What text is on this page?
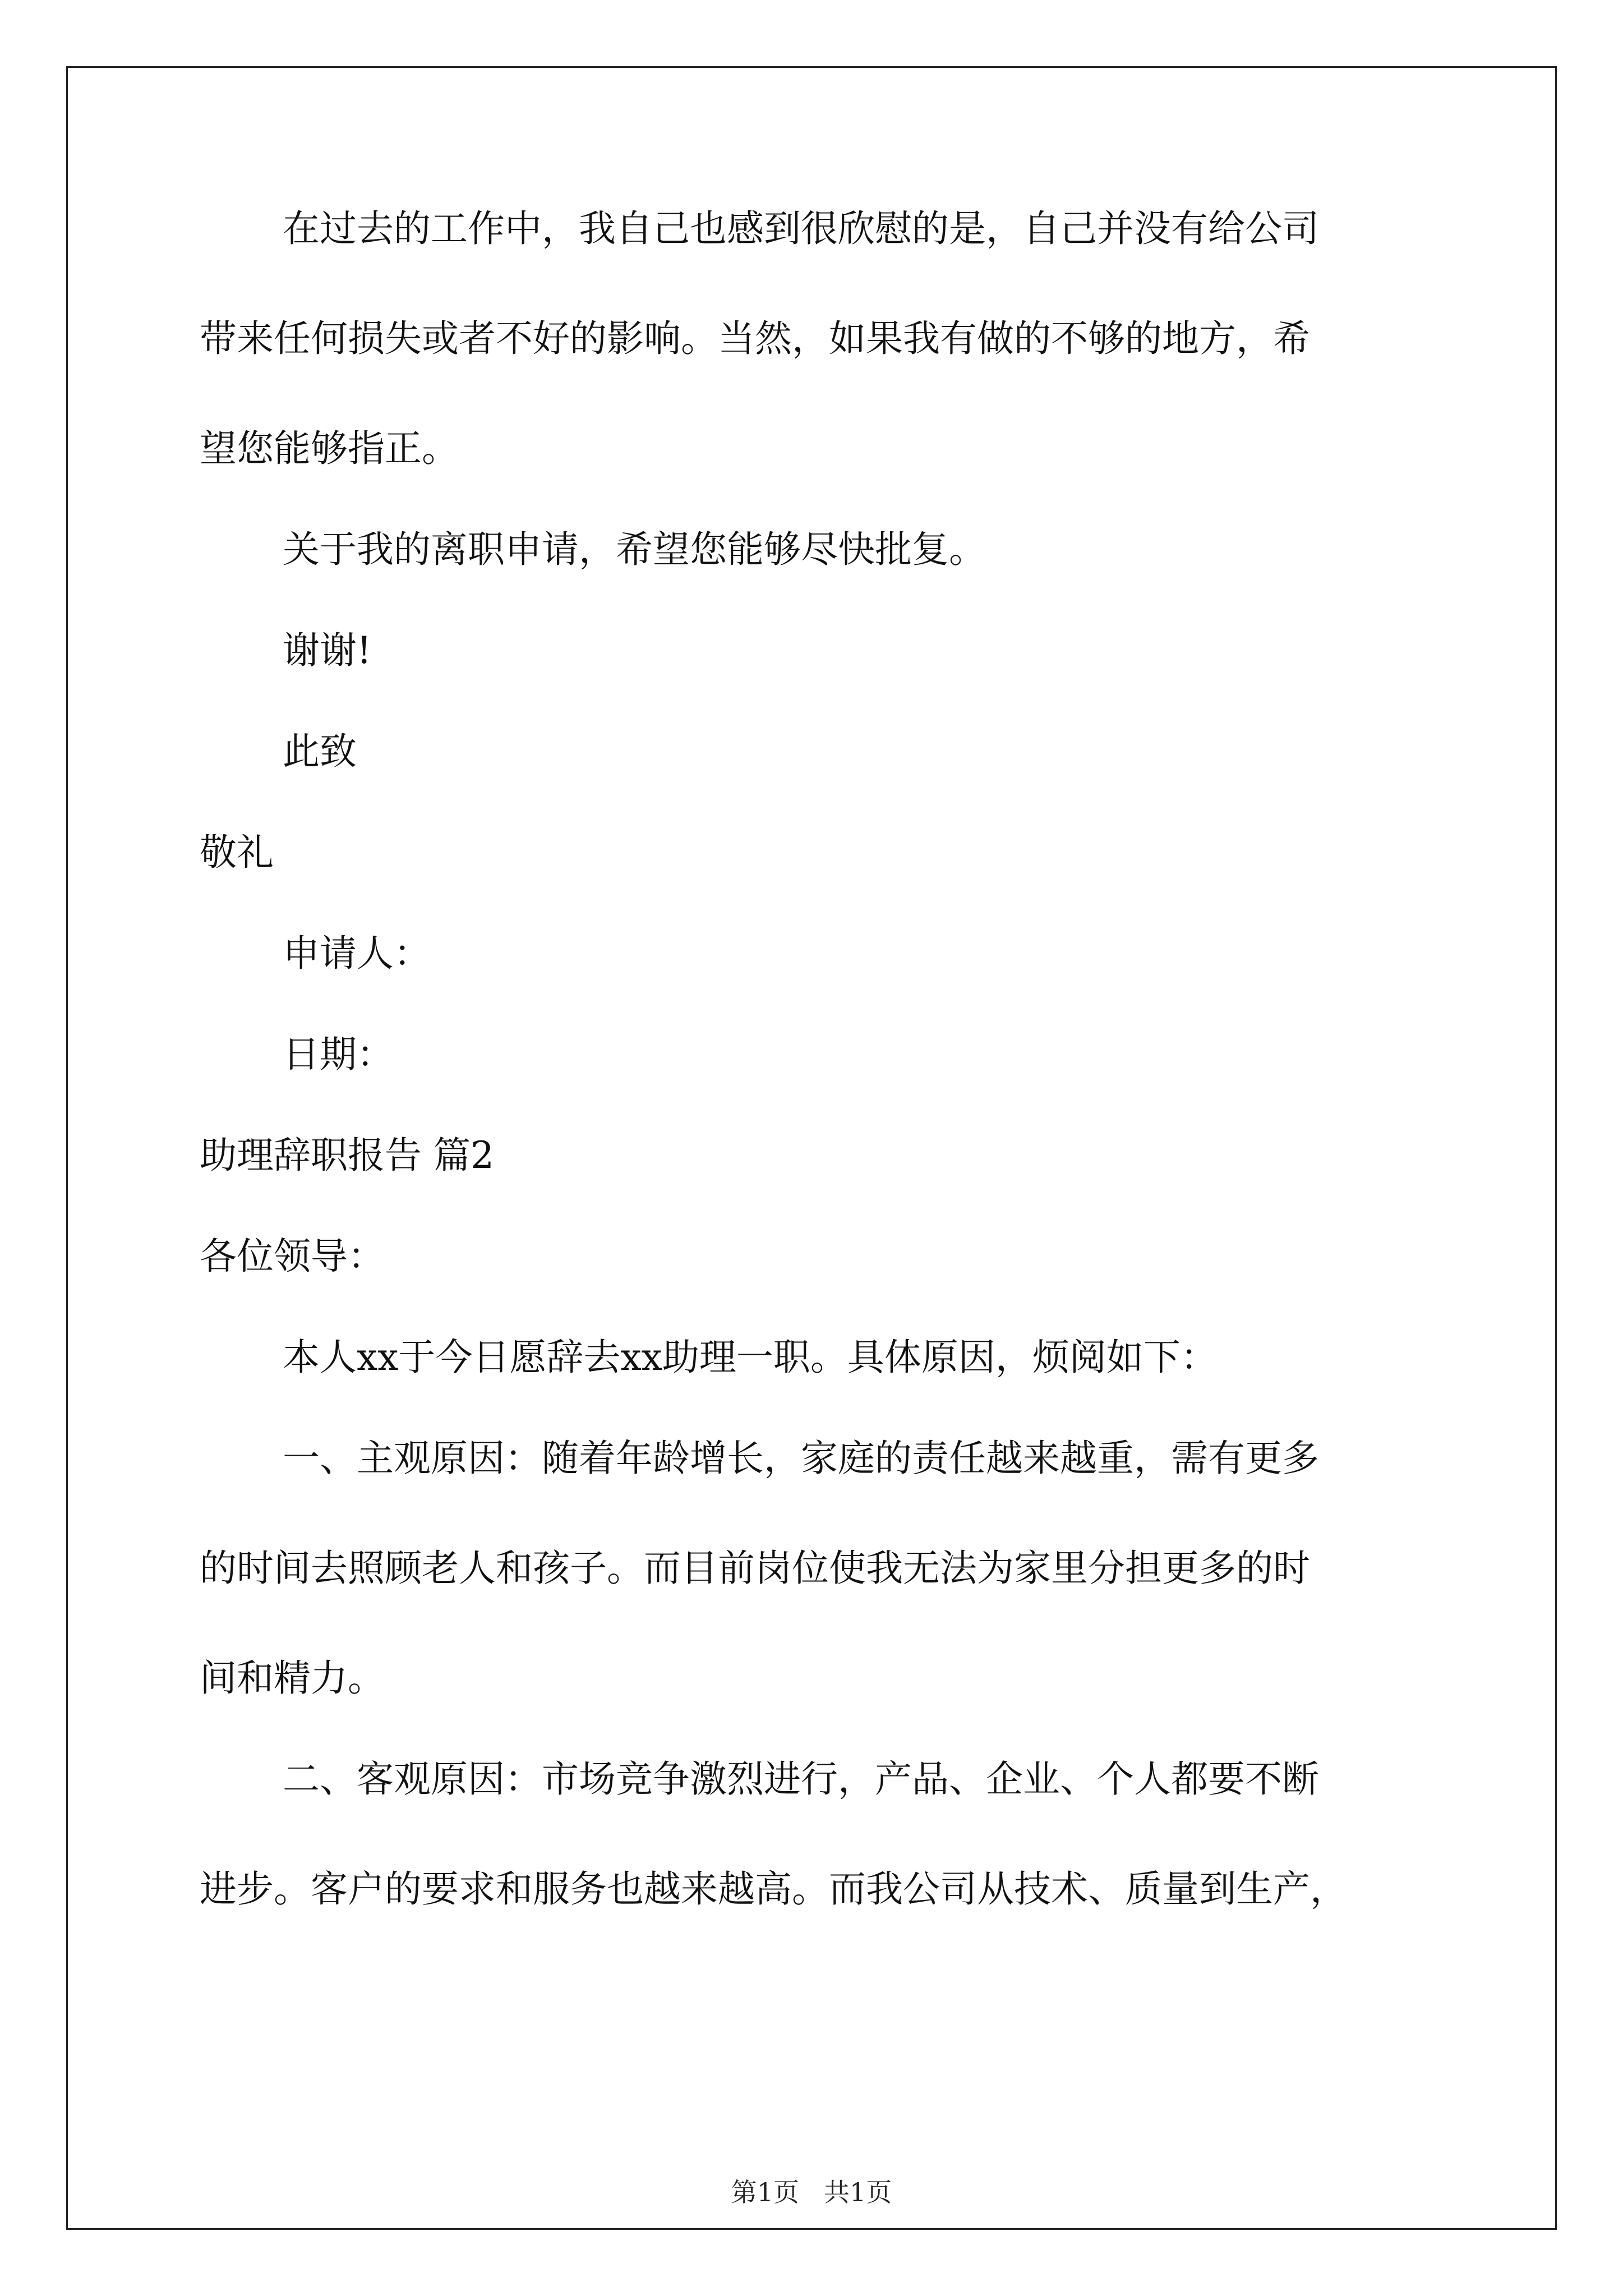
在过去的工作中，我自己也感到很欣慰的是，自己并没有给公司
带来任何损失或者不好的影响。当然，如果我有做的不够的地方，希
望您能够指正。
关于我的离职申请，希望您能够尽快批复。
谢谢!
此致
敬礼
申请人：
日期：
助理辞职报告 篇2
各位领导：
本人xx于今日愿辞去xx助理一职。具体原因，烦阅如下：
一、主观原因：随着年龄增长，家庭的责任越来越重，需有更多
的时间去照顾老人和孩子。而目前岗位使我无法为家里分担更多的时
间和精力。
二、客观原因：市场竞争激烈进行，产品、企业、个人都要不断
进步。客户的要求和服务也越来越高。而我公司从技术、质量到生产，
第1页 共1页
